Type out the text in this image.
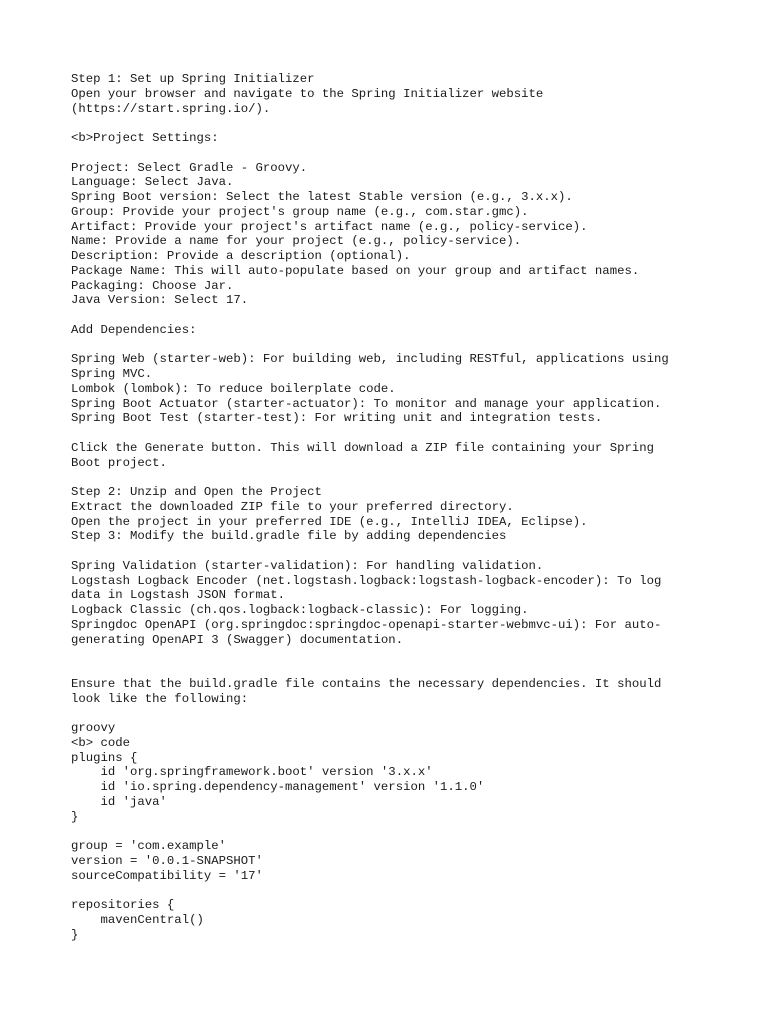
Step 1: Set up Spring Initializer
Open your browser and navigate to the Spring Initializer website
(https://start.spring.io/).
<b>Project Settings:
Project: Select Gradle - Groovy.
Language: Select Java.
Spring Boot version: Select the latest Stable version (e.g., 3.x.x).
Group: Provide your project's group name (e.g., com.star.gmc).
Artifact: Provide your project's artifact name (e.g., policy-service).
Name: Provide a name for your project (e.g., policy-service).
Description: Provide a description (optional).
Package Name: This will auto-populate based on your group and artifact names.
Packaging: Choose Jar.
Java Version: Select 17.
Add Dependencies:
Spring Web (starter-web): For building web, including RESTful, applications using
Spring MVC.
Lombok (lombok): To reduce boilerplate code.
Spring Boot Actuator (starter-actuator): To monitor and manage your application.
Spring Boot Test (starter-test): For writing unit and integration tests.
Click the Generate button. This will download a ZIP file containing your Spring
Boot project.
Step 2: Unzip and Open the Project
Extract the downloaded ZIP file to your preferred directory.
Open the project in your preferred IDE (e.g., IntelliJ IDEA, Eclipse).
Step 3: Modify the build.gradle file by adding dependencies
Spring Validation (starter-validation): For handling validation.
Logstash Logback Encoder (net.logstash.logback:logstash-logback-encoder): To log
data in Logstash JSON format.
Logback Classic (ch.qos.logback:logback-classic): For logging.
Springdoc OpenAPI (org.springdoc:springdoc-openapi-starter-webmvc-ui): For auto-
generating OpenAPI 3 (Swagger) documentation.
Ensure that the build.gradle file contains the necessary dependencies. It should
look like the following:
groovy
<b> code
plugins {
id 'org.springframework.boot' version '3.x.x'
id 'io.spring.dependency-management' version '1.1.0'
id 'java'
}
group = 'com.example'
version = '0.0.1-SNAPSHOT'
sourceCompatibility = '17'
repositories {
mavenCentral()
}
